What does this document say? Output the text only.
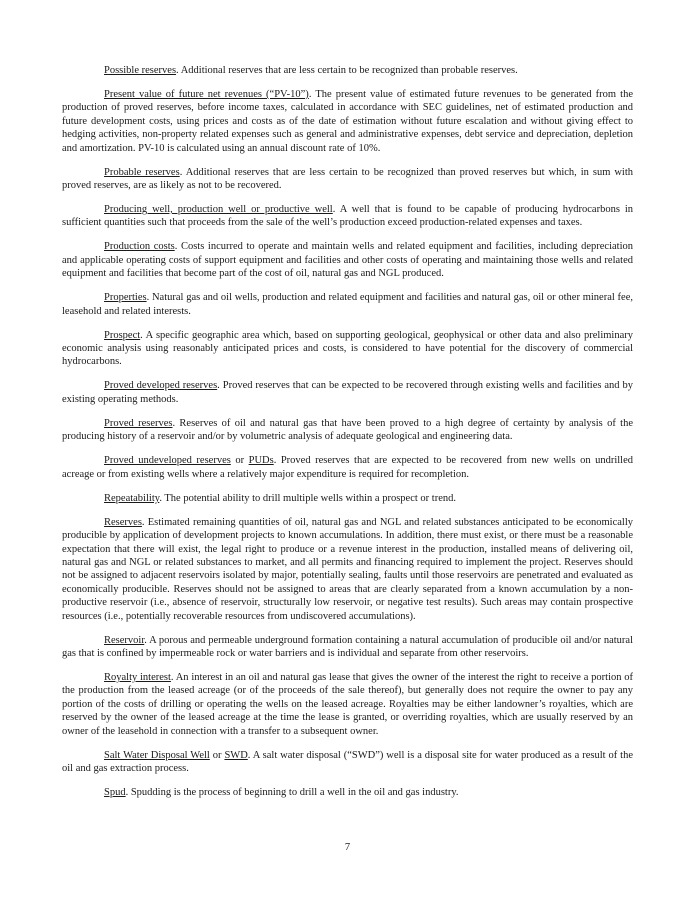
Possible reserves. Additional reserves that are less certain to be recognized than probable reserves.

Present value of future net revenues (“PV-10”). The present value of estimated future revenues to be generated from the production of proved reserves, before income taxes, calculated in accordance with SEC guidelines, net of estimated production and future development costs, using prices and costs as of the date of estimation without future escalation and without giving effect to hedging activities, non-property related expenses such as general and administrative expenses, debt service and depreciation, depletion and amortization. PV-10 is calculated using an annual discount rate of 10%.

Probable reserves. Additional reserves that are less certain to be recognized than proved reserves but which, in sum with proved reserves, are as likely as not to be recovered.

Producing well, production well or productive well. A well that is found to be capable of producing hydrocarbons in sufficient quantities such that proceeds from the sale of the well’s production exceed production-related expenses and taxes.

Production costs. Costs incurred to operate and maintain wells and related equipment and facilities, including depreciation and applicable operating costs of support equipment and facilities and other costs of operating and maintaining those wells and related equipment and facilities that become part of the cost of oil, natural gas and NGL produced.

Properties. Natural gas and oil wells, production and related equipment and facilities and natural gas, oil or other mineral fee, leasehold and related interests.

Prospect. A specific geographic area which, based on supporting geological, geophysical or other data and also preliminary economic analysis using reasonably anticipated prices and costs, is considered to have potential for the discovery of commercial hydrocarbons.

Proved developed reserves. Proved reserves that can be expected to be recovered through existing wells and facilities and by existing operating methods.

Proved reserves. Reserves of oil and natural gas that have been proved to a high degree of certainty by analysis of the producing history of a reservoir and/or by volumetric analysis of adequate geological and engineering data.

Proved undeveloped reserves or PUDs. Proved reserves that are expected to be recovered from new wells on undrilled acreage or from existing wells where a relatively major expenditure is required for recompletion.

Repeatability. The potential ability to drill multiple wells within a prospect or trend.

Reserves. Estimated remaining quantities of oil, natural gas and NGL and related substances anticipated to be economically producible by application of development projects to known accumulations. In addition, there must exist, or there must be a reasonable expectation that there will exist, the legal right to produce or a revenue interest in the production, installed means of delivering oil, natural gas and NGL or related substances to market, and all permits and financing required to implement the project. Reserves should not be assigned to adjacent reservoirs isolated by major, potentially sealing, faults until those reservoirs are penetrated and evaluated as economically producible. Reserves should not be assigned to areas that are clearly separated from a known accumulation by a non-productive reservoir (i.e., absence of reservoir, structurally low reservoir, or negative test results). Such areas may contain prospective resources (i.e., potentially recoverable resources from undiscovered accumulations).

Reservoir. A porous and permeable underground formation containing a natural accumulation of producible oil and/or natural gas that is confined by impermeable rock or water barriers and is individual and separate from other reservoirs.

Royalty interest. An interest in an oil and natural gas lease that gives the owner of the interest the right to receive a portion of the production from the leased acreage (or of the proceeds of the sale thereof), but generally does not require the owner to pay any portion of the costs of drilling or operating the wells on the leased acreage. Royalties may be either landowner’s royalties, which are reserved by the owner of the leased acreage at the time the lease is granted, or overriding royalties, which are usually reserved by an owner of the leasehold in connection with a transfer to a subsequent owner.

Salt Water Disposal Well or SWD. A salt water disposal (“SWD”) well is a disposal site for water produced as a result of the oil and gas extraction process.

Spud. Spudding is the process of beginning to drill a well in the oil and gas industry.

7
